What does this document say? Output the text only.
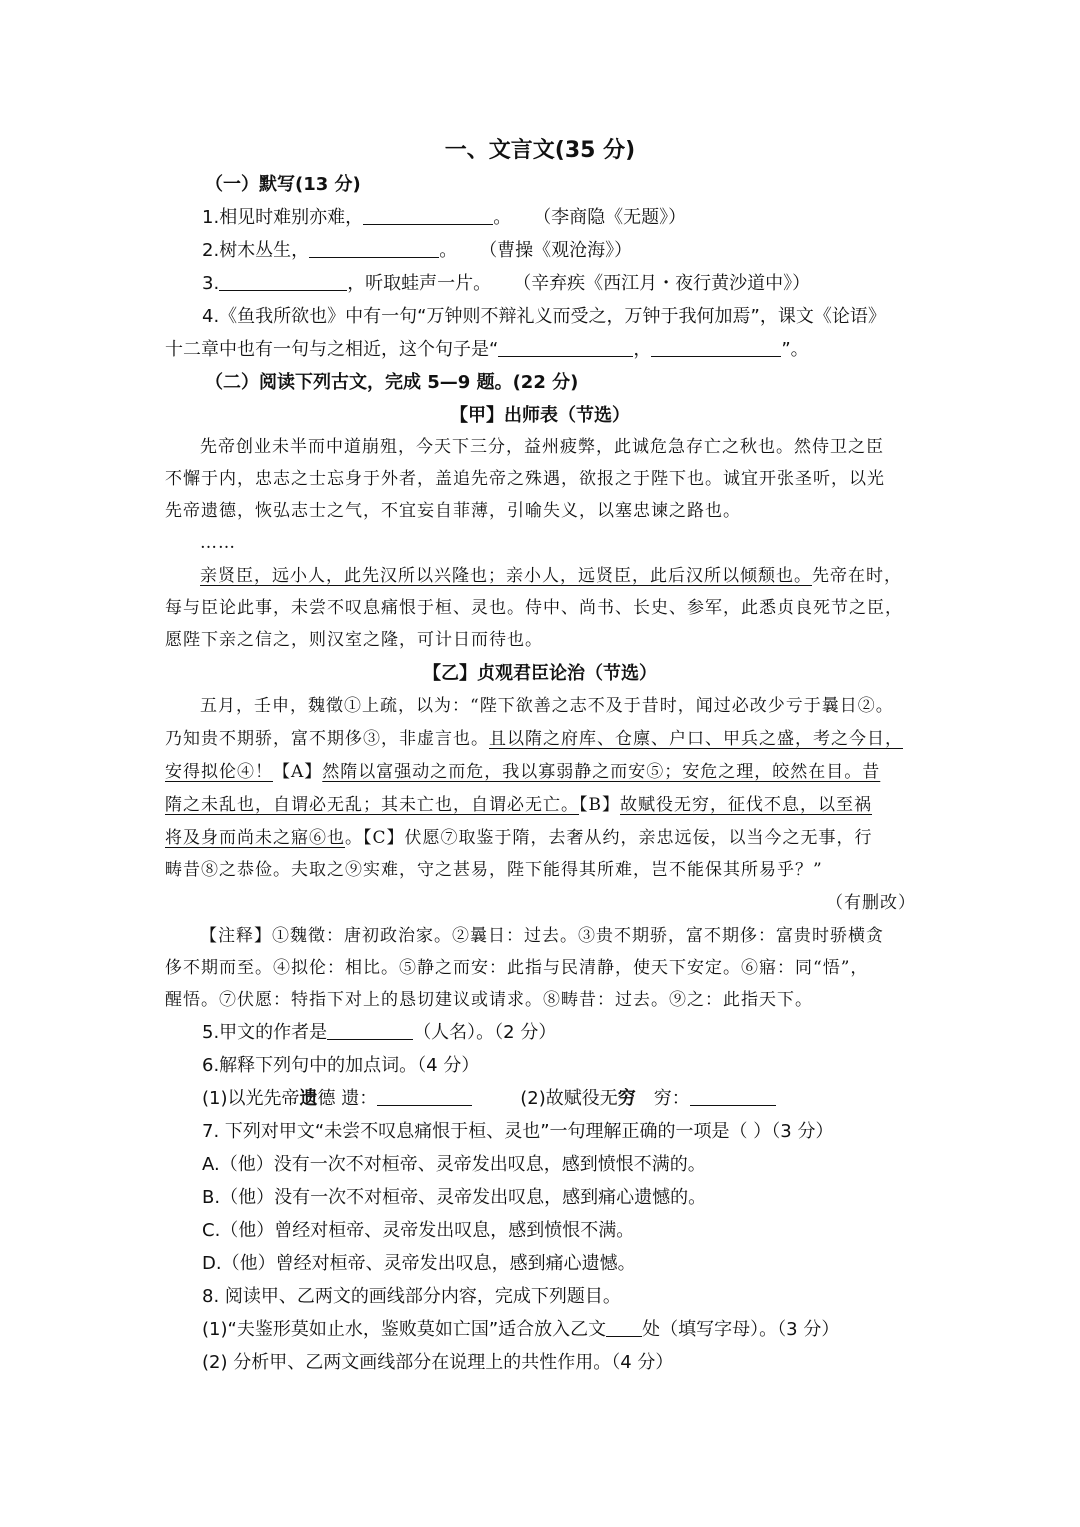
一、文言文(35 分)
（一）默写(13 分)
1.相见时难别亦难，	。 （李商隐《无题》）
2.树木丛生，	。 （曹操《观沧海》）
3.	，听取蛙声一片。 （辛弃疾《西江月・夜行黄沙道中》）
4.《鱼我所欲也》中有一句“万钟则不辩礼义而受之，万钟于我何加焉”，课文《论语》
十二章中也有一句与之相近，这个句子是“	，	”。
（二）阅读下列古文，完成 5—9 题。(22 分)
【甲】出师表（节选）
先帝创业未半而中道崩殂，今天下三分，益州疲弊，此诚危急存亡之秋也。然侍卫之臣
不懈于内，忠志之士忘身于外者，盖追先帝之殊遇，欲报之于陛下也。诚宜开张圣听，以光
先帝遗德，恢弘志士之气，不宜妄自菲薄，引喻失义，以塞忠谏之路也。
……
亲贤臣，远小人，此先汉所以兴隆也；亲小人，远贤臣，此后汉所以倾颓也。先帝在时，
每与臣论此事，未尝不叹息痛恨于桓、灵也。侍中、尚书、长史、参军，此悉贞良死节之臣，
愿陛下亲之信之，则汉室之隆，可计日而待也。
【乙】贞观君臣论治（节选）
五月，壬申，魏徵①上疏，以为：“陛下欲善之志不及于昔时，闻过必改少亏于曩日②。
乃知贵不期骄，富不期侈③，非虚言也。且以隋之府库、仓廪、户口、甲兵之盛，考之今日，
安得拟伦④！【A】然隋以富强动之而危，我以寡弱静之而安⑤；安危之理，皎然在目。昔
隋之未乱也，自谓必无乱；其未亡也，自谓必无亡。【B】故赋役无穷，征伐不息，以至祸
将及身而尚未之寤⑥也。【C】伏愿⑦取鉴于隋，去奢从约，亲忠远佞，以当今之无事，行
畴昔⑧之恭俭。夫取之⑨实难，守之甚易，陛下能得其所难，岂不能保其所易乎？”
（有删改）
【注释】①魏徵：唐初政治家。②曩日：过去。③贵不期骄，富不期侈：富贵时骄横贪
侈不期而至。④拟伦：相比。⑤静之而安：此指与民清静，使天下安定。⑥寤：同“悟”，
醒悟。⑦伏愿：特指下对上的恳切建议或请求。⑧畴昔：过去。⑨之：此指天下。
5.甲文的作者是	（人名）。（2 分）
6.解释下列句中的加点词。（4 分）
(1)以光先帝遗德 遗：	(2)故赋役无穷　穷：
7. 下列对甲文“未尝不叹息痛恨于桓、灵也”一句理解正确的一项是（ ）（3 分）
A.（他）没有一次不对桓帝、灵帝发出叹息，感到愤恨不满的。
B.（他）没有一次不对桓帝、灵帝发出叹息，感到痛心遗憾的。
C.（他）曾经对桓帝、灵帝发出叹息，感到愤恨不满。
D.（他）曾经对桓帝、灵帝发出叹息，感到痛心遗憾。
8. 阅读甲、乙两文的画线部分内容，完成下列题目。
(1)“夫鉴形莫如止水，鉴败莫如亡国”适合放入乙文 处（填写字母）。（3 分）
(2) 分析甲、乙两文画线部分在说理上的共性作用。（4 分）
